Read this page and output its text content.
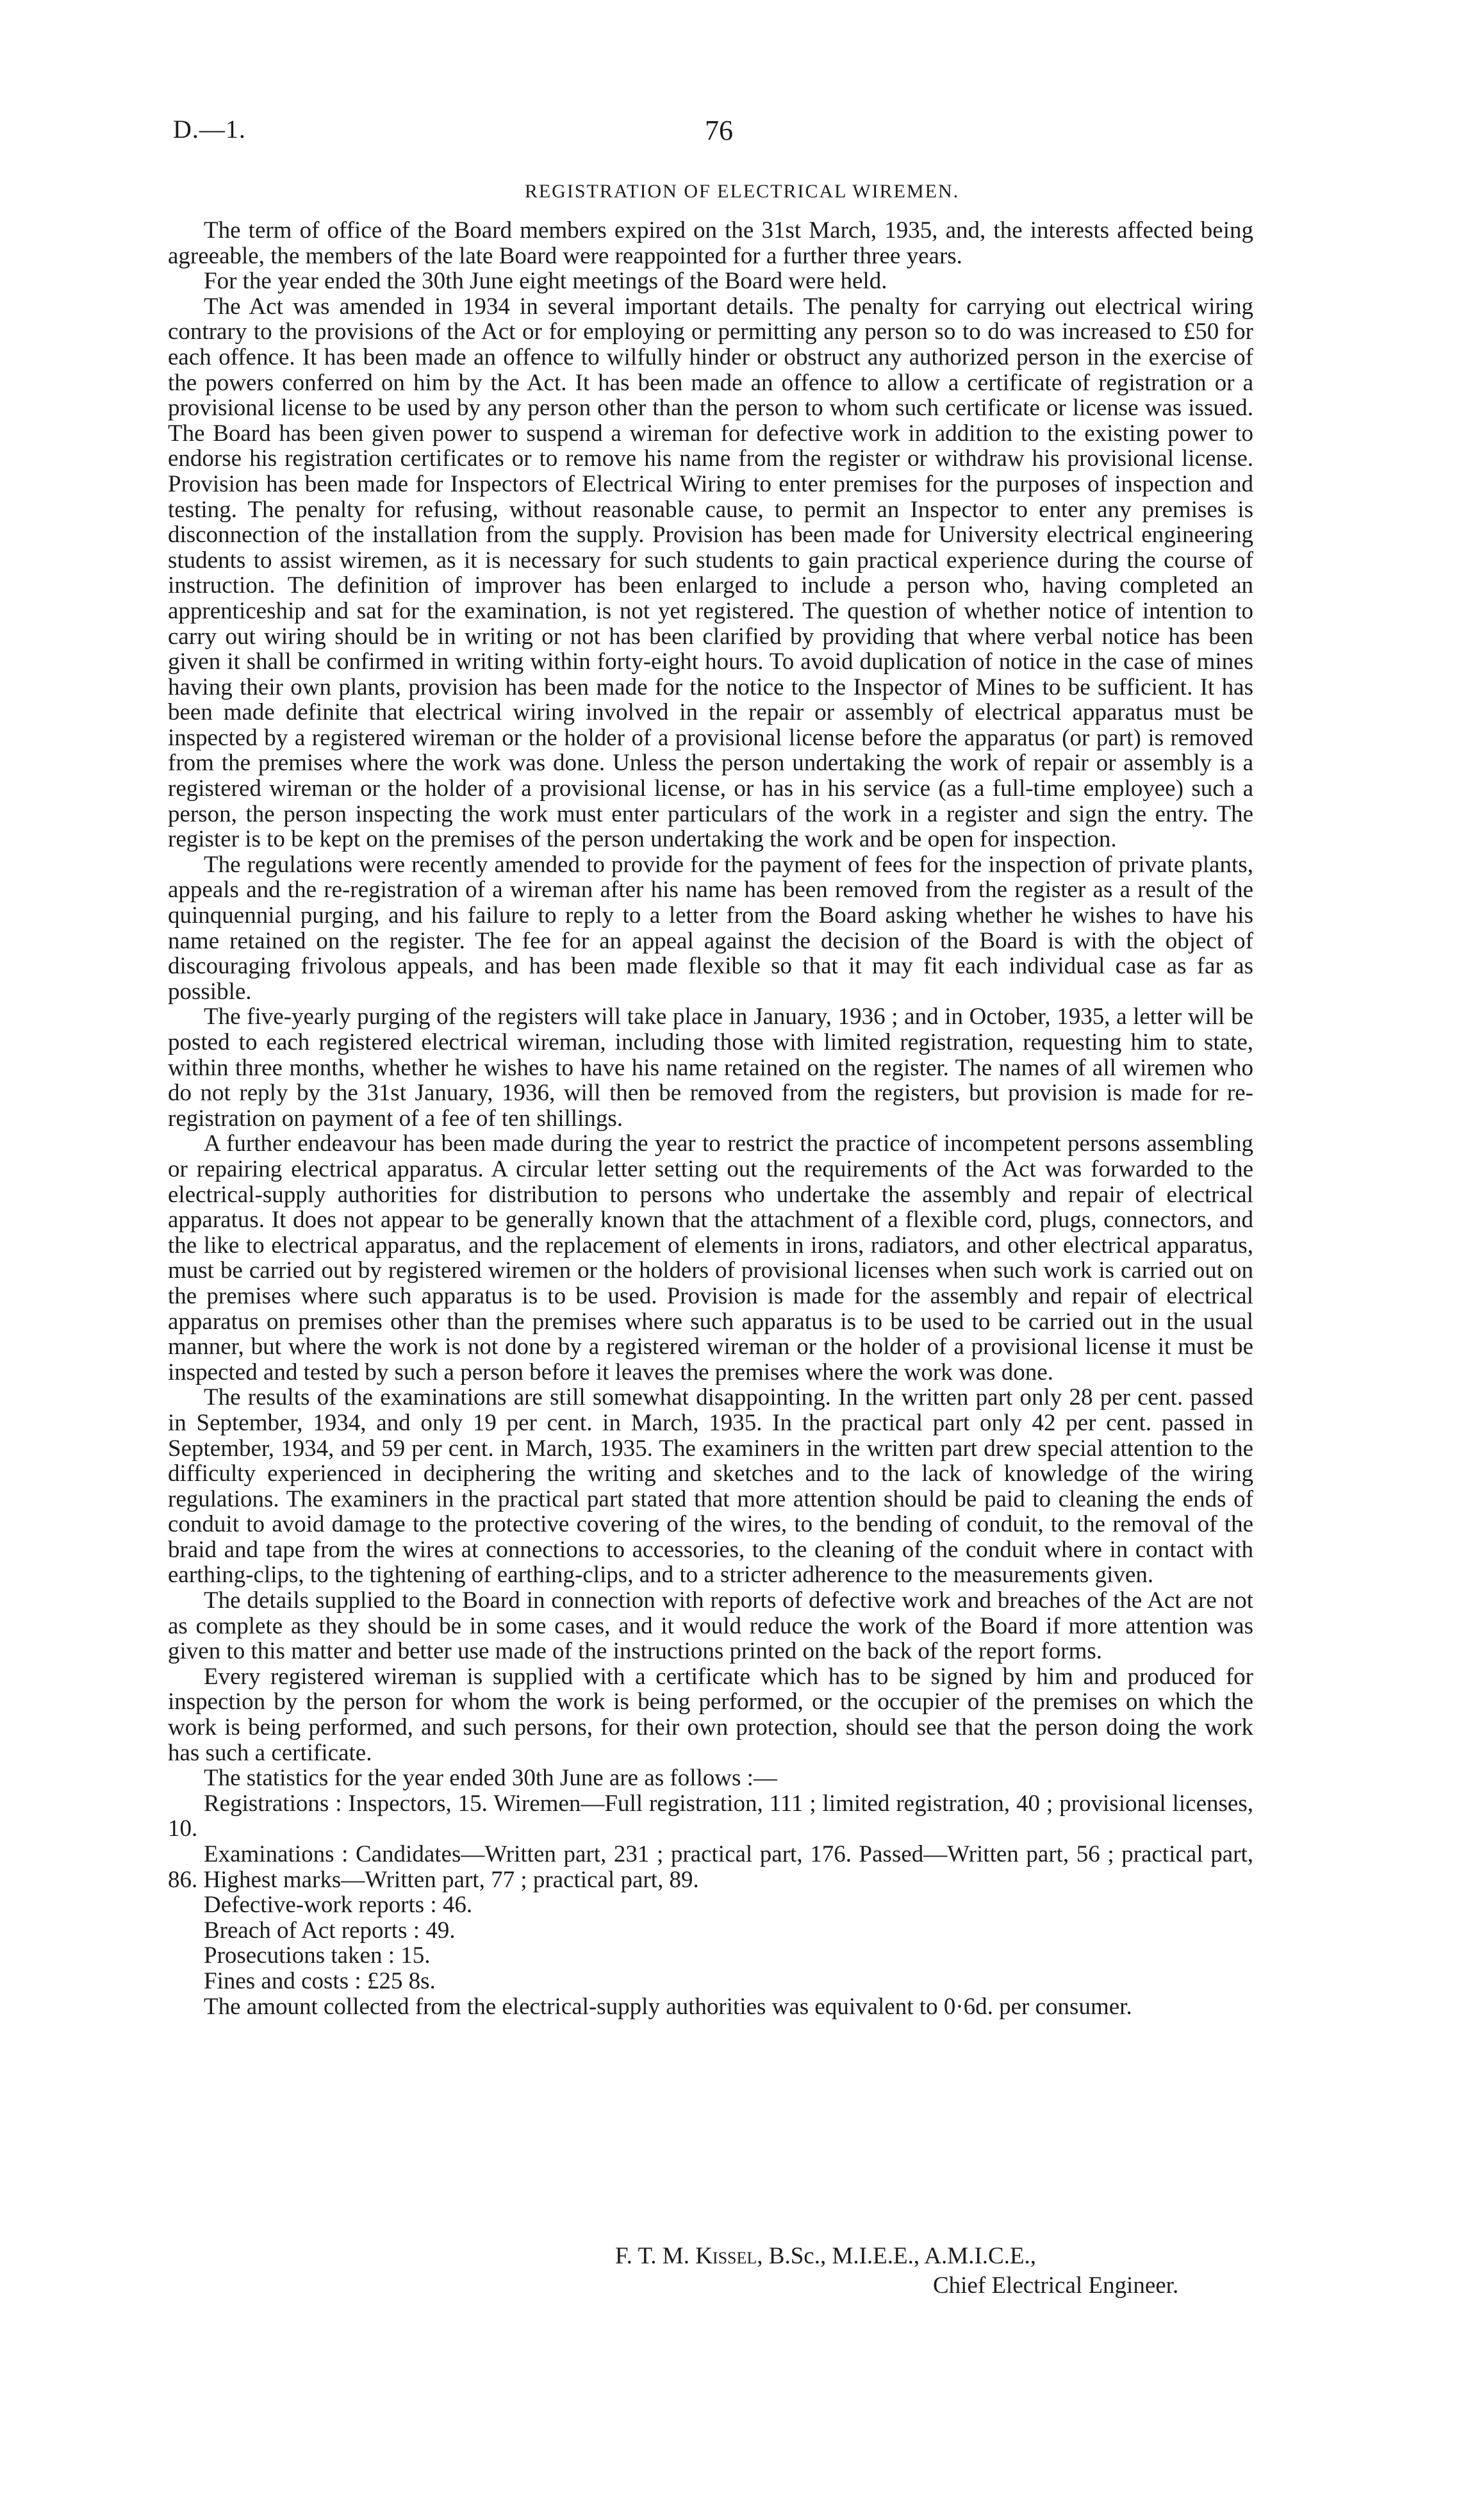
D.—1.	76
REGISTRATION OF ELECTRICAL WIREMEN.

The term of office of the Board members expired on the 31st March, 1935, and, the interests affected being agreeable, the members of the late Board were reappointed for a further three years.

For the year ended the 30th June eight meetings of the Board were held.

The Act was amended in 1934 in several important details. The penalty for carrying out electrical wiring contrary to the provisions of the Act or for employing or permitting any person so to do was increased to £50 for each offence. It has been made an offence to wilfully hinder or obstruct any authorized person in the exercise of the powers conferred on him by the Act. It has been made an offence to allow a certificate of registration or a provisional license to be used by any person other than the person to whom such certificate or license was issued. The Board has been given power to suspend a wireman for defective work in addition to the existing power to endorse his registration certificates or to remove his name from the register or withdraw his provisional license. Provision has been made for Inspectors of Electrical Wiring to enter premises for the purposes of inspection and testing. The penalty for refusing, without reasonable cause, to permit an Inspector to enter any premises is disconnection of the installation from the supply. Provision has been made for University electrical engineering students to assist wiremen, as it is necessary for such students to gain practical experience during the course of instruction. The definition of improver has been enlarged to include a person who, having completed an apprenticeship and sat for the examination, is not yet registered. The question of whether notice of intention to carry out wiring should be in writing or not has been clarified by providing that where verbal notice has been given it shall be confirmed in writing within forty-eight hours. To avoid duplication of notice in the case of mines having their own plants, provision has been made for the notice to the Inspector of Mines to be sufficient. It has been made definite that electrical wiring involved in the repair or assembly of electrical apparatus must be inspected by a registered wireman or the holder of a provisional license before the apparatus (or part) is removed from the premises where the work was done. Unless the person undertaking the work of repair or assembly is a registered wireman or the holder of a provisional license, or has in his service (as a full-time employee) such a person, the person inspecting the work must enter particulars of the work in a register and sign the entry. The register is to be kept on the premises of the person undertaking the work and be open for inspection.

The regulations were recently amended to provide for the payment of fees for the inspection of private plants, appeals and the re-registration of a wireman after his name has been removed from the register as a result of the quinquennial purging, and his failure to reply to a letter from the Board asking whether he wishes to have his name retained on the register. The fee for an appeal against the decision of the Board is with the object of discouraging frivolous appeals, and has been made flexible so that it may fit each individual case as far as possible.

The five-yearly purging of the registers will take place in January, 1936 ; and in October, 1935, a letter will be posted to each registered electrical wireman, including those with limited registration, requesting him to state, within three months, whether he wishes to have his name retained on the register. The names of all wiremen who do not reply by the 31st January, 1936, will then be removed from the registers, but provision is made for re-registration on payment of a fee of ten shillings.

A further endeavour has been made during the year to restrict the practice of incompetent persons assembling or repairing electrical apparatus. A circular letter setting out the requirements of the Act was forwarded to the electrical-supply authorities for distribution to persons who undertake the assembly and repair of electrical apparatus. It does not appear to be generally known that the attachment of a flexible cord, plugs, connectors, and the like to electrical apparatus, and the replacement of elements in irons, radiators, and other electrical apparatus, must be carried out by registered wiremen or the holders of provisional licenses when such work is carried out on the premises where such apparatus is to be used. Provision is made for the assembly and repair of electrical apparatus on premises other than the premises where such apparatus is to be used to be carried out in the usual manner, but where the work is not done by a registered wireman or the holder of a provisional license it must be inspected and tested by such a person before it leaves the premises where the work was done.

The results of the examinations are still somewhat disappointing. In the written part only 28 per cent. passed in September, 1934, and only 19 per cent. in March, 1935. In the practical part only 42 per cent. passed in September, 1934, and 59 per cent. in March, 1935. The examiners in the written part drew special attention to the difficulty experienced in deciphering the writing and sketches and to the lack of knowledge of the wiring regulations. The examiners in the practical part stated that more attention should be paid to cleaning the ends of conduit to avoid damage to the protective covering of the wires, to the bending of conduit, to the removal of the braid and tape from the wires at connections to accessories, to the cleaning of the conduit where in contact with earthing-clips, to the tightening of earthing-clips, and to a stricter adherence to the measurements given.

The details supplied to the Board in connection with reports of defective work and breaches of the Act are not as complete as they should be in some cases, and it would reduce the work of the Board if more attention was given to this matter and better use made of the instructions printed on the back of the report forms.

Every registered wireman is supplied with a certificate which has to be signed by him and produced for inspection by the person for whom the work is being performed, or the occupier of the premises on which the work is being performed, and such persons, for their own protection, should see that the person doing the work has such a certificate.

The statistics for the year ended 30th June are as follows :—

Registrations : Inspectors, 15. Wiremen—Full registration, 111 ; limited registration, 40 ; provisional licenses, 10.

Examinations : Candidates—Written part, 231 ; practical part, 176. Passed—Written part, 56 ; practical part, 86. Highest marks—Written part, 77 ; practical part, 89.

Defective-work reports : 46.

Breach of Act reports : 49.

Prosecutions taken : 15.

Fines and costs : £25 8s.

The amount collected from the electrical-supply authorities was equivalent to 0·6d. per consumer.

F. T. M. Kissel, B.Sc., M.I.E.E., A.M.I.C.E.,
Chief Electrical Engineer.
